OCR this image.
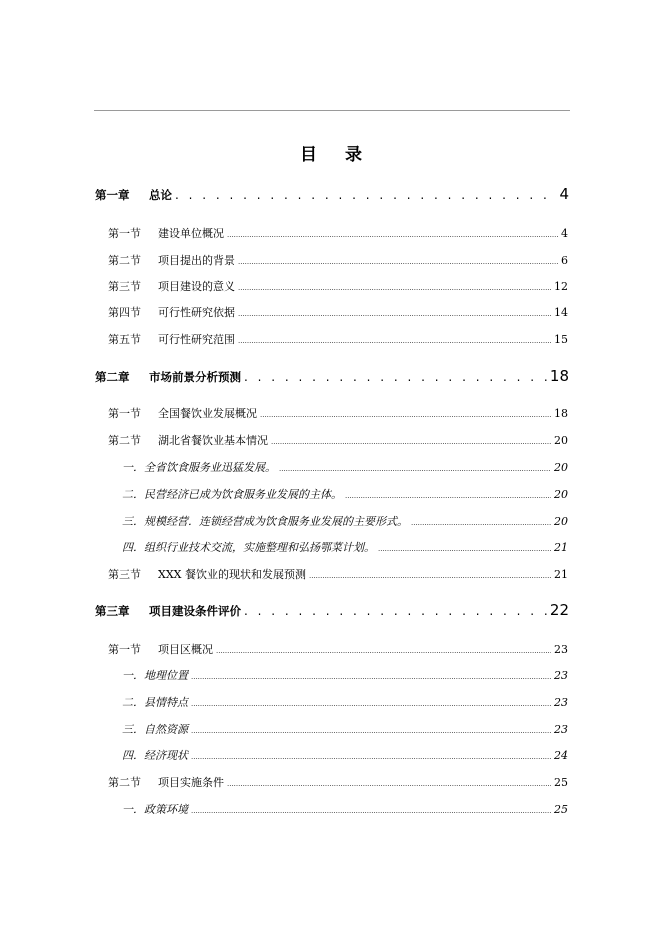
目 录
第一章	总论 . . .	4
第一节	建设单位概况 .....	4
第二节	项目提出的背景 .....	6
第三节	项目建设的意义 .....	12
第四节	可行性研究依据 .....	14
第五节	可行性研究范围 .....	15
第二章	市场前景分析预测 . . .	18
第一节	全国餐饮业发展概况 .....	18
第二节	湖北省餐饮业基本情况 .....	20
一．全省饮食服务业迅猛发展。 .....	20
二．民营经济已成为饮食服务业发展的主体。 .....	20
三．规模经营．连锁经营成为饮食服务业发展的主要形式。 .....	20
四．组织行业技术交流，实施整理和弘扬鄂菜计划。 .....	21
第三节	XXX 餐饮业的现状和发展预测 .....	21
第三章	项目建设条件评价 . . .	22
第一节	项目区概况 .....	23
一．地理位置 .....	23
二．县情特点 .....	23
三．自然资源 .....	23
四．经济现状 .....	24
第二节	项目实施条件 .....	25
一．政策环境 .....	25
